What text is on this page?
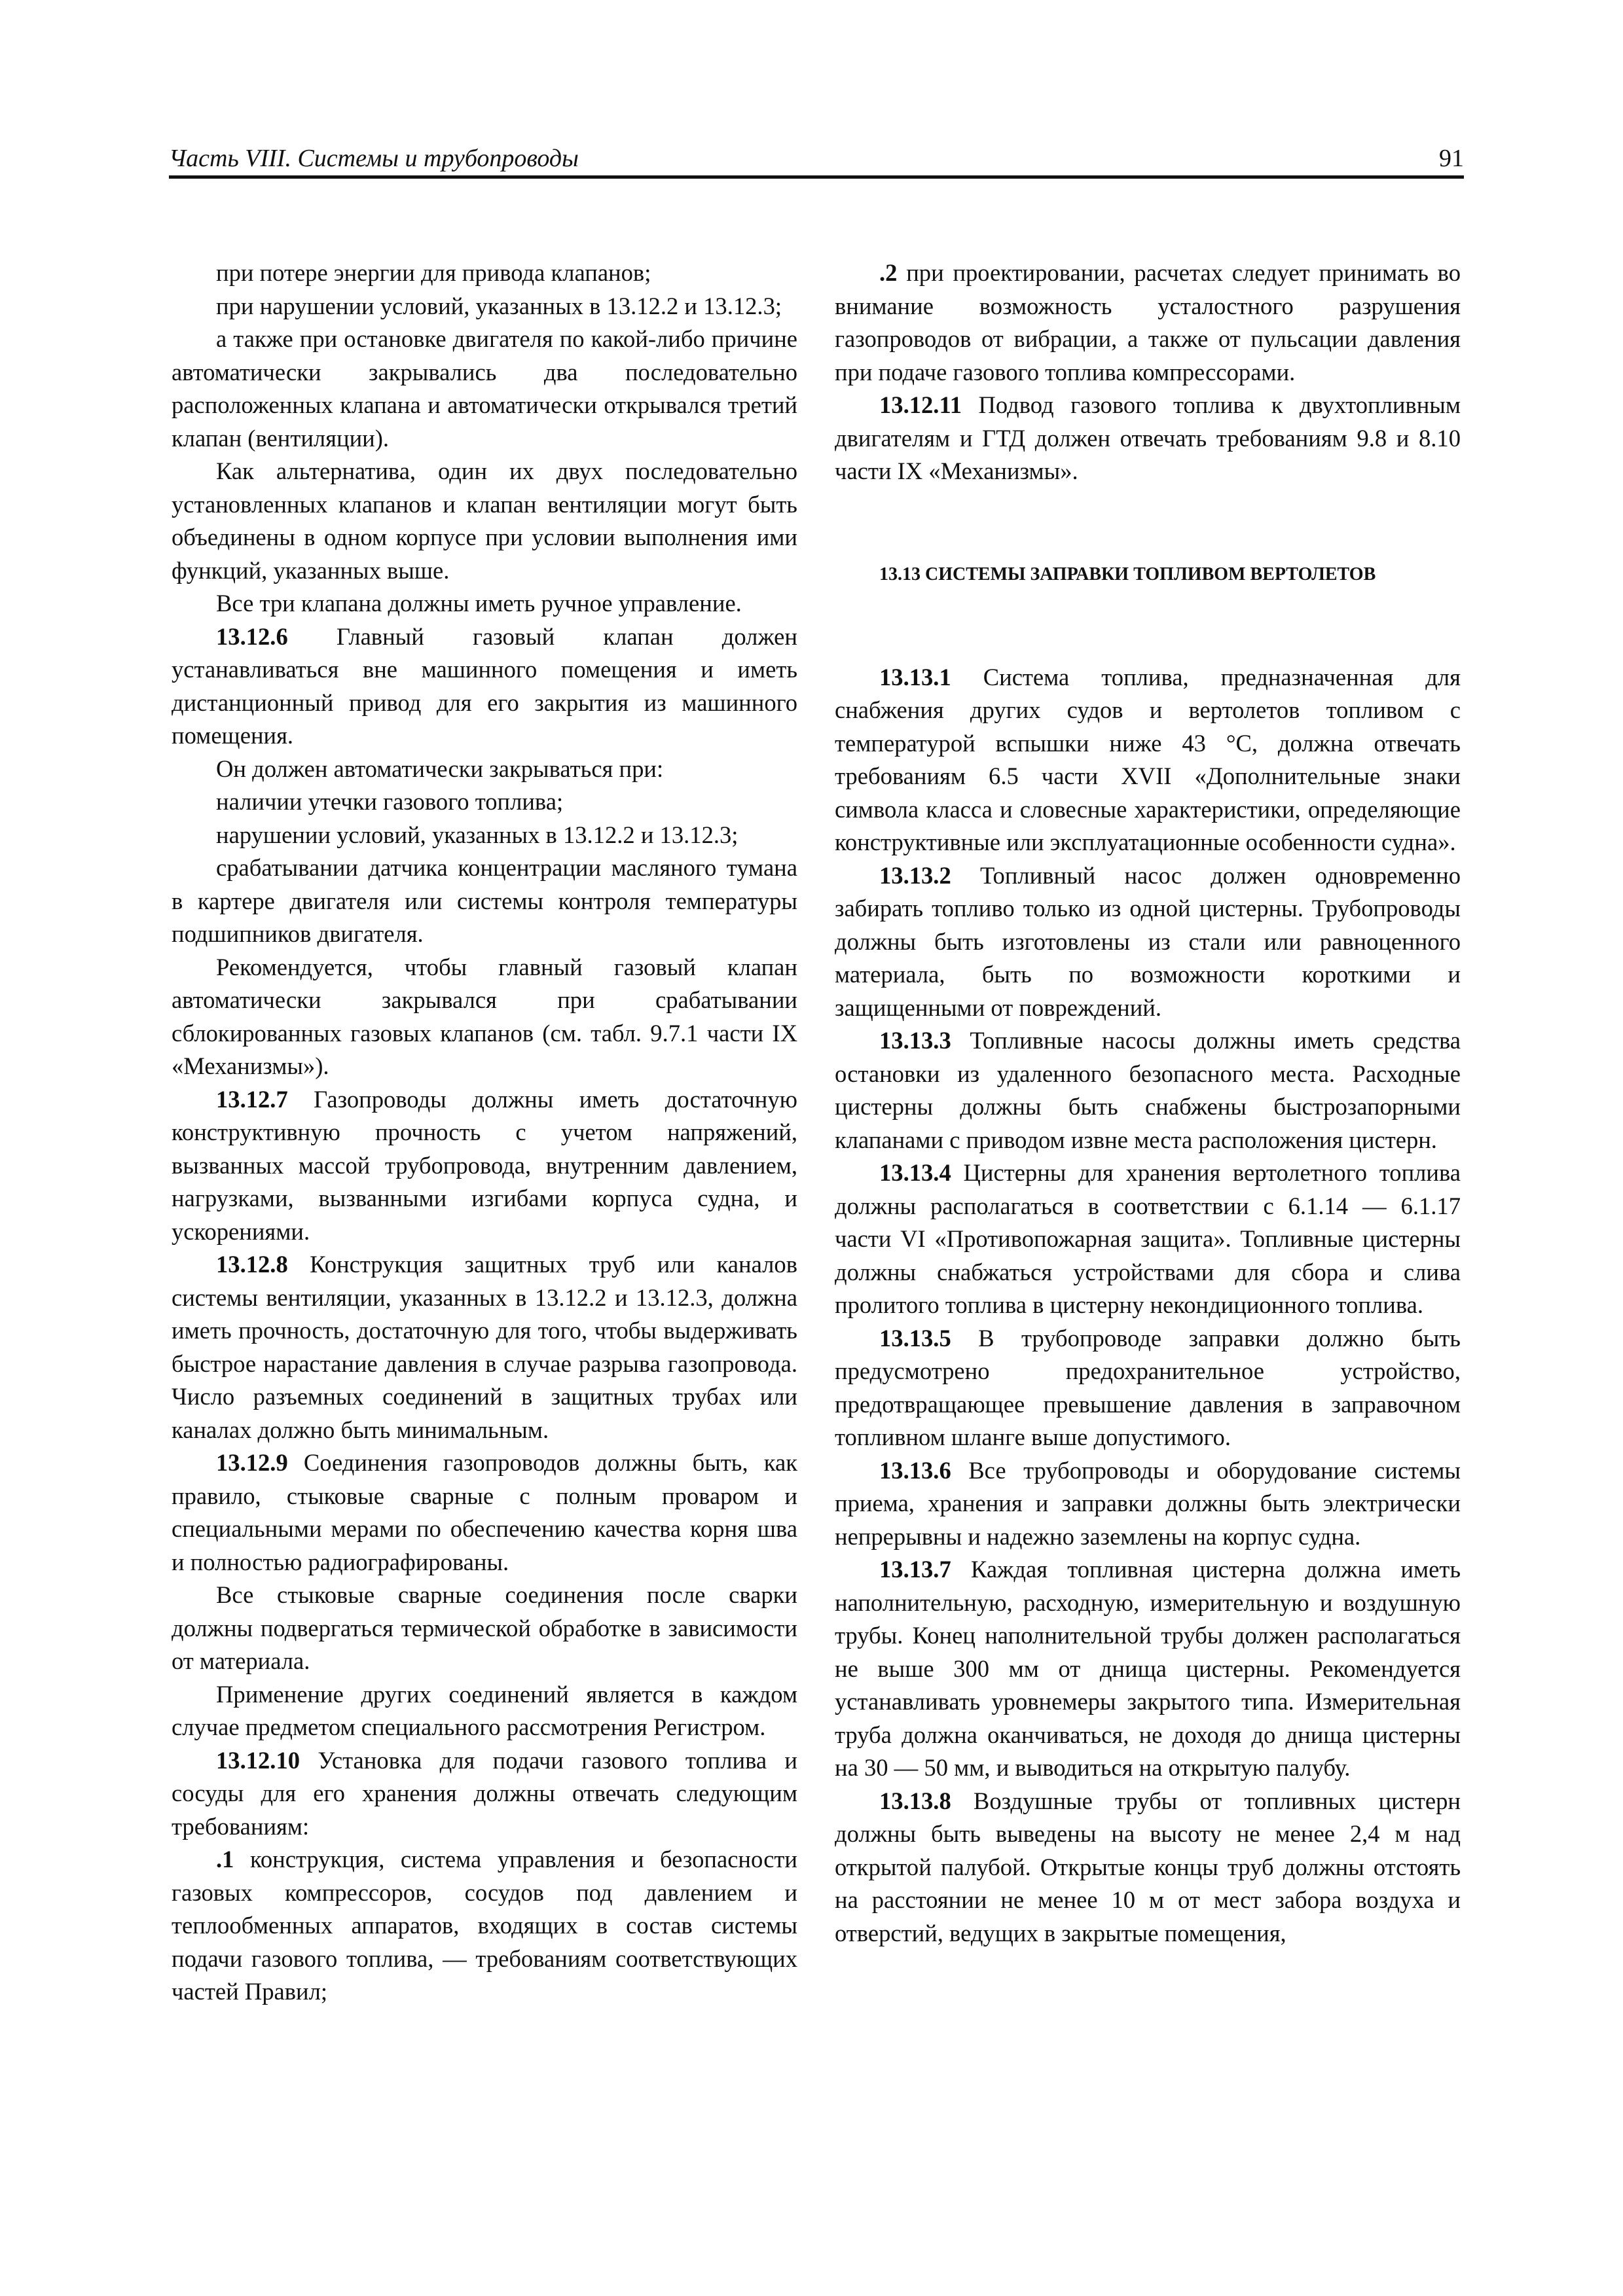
Часть VIII. Системы и трубопроводы	91

при потере энергии для привода клапанов;

при нарушении условий, указанных в 13.12.2 и 13.12.3;

а также при остановке двигателя по какой-либо причине автоматически закрывались два последовательно расположенных клапана и автоматически открывался третий клапан (вентиляции).

Как альтернатива, один их двух последовательно установленных клапанов и клапан вентиляции могут быть объединены в одном корпусе при условии выполнения ими функций, указанных выше.

Все три клапана должны иметь ручное управление.

13.12.6 Главный газовый клапан должен устанавливаться вне машинного помещения и иметь дистанционный привод для его закрытия из машинного помещения.

Он должен автоматически закрываться при:

наличии утечки газового топлива;

нарушении условий, указанных в 13.12.2 и 13.12.3;

срабатывании датчика концентрации масляного тумана в картере двигателя или системы контроля температуры подшипников двигателя.

Рекомендуется, чтобы главный газовый клапан автоматически закрывался при срабатывании сблокированных газовых клапанов (см. табл. 9.7.1 части IX «Механизмы»).

13.12.7 Газопроводы должны иметь достаточную конструктивную прочность с учетом напряжений, вызванных массой трубопровода, внутренним давлением, нагрузками, вызванными изгибами корпуса судна, и ускорениями.

13.12.8 Конструкция защитных труб или каналов системы вентиляции, указанных в 13.12.2 и 13.12.3, должна иметь прочность, достаточную для того, чтобы выдерживать быстрое нарастание давления в случае разрыва газопровода. Число разъемных соединений в защитных трубах или каналах должно быть минимальным.

13.12.9 Соединения газопроводов должны быть, как правило, стыковые сварные с полным проваром и специальными мерами по обеспечению качества корня шва и полностью радиографированы.

Все стыковые сварные соединения после сварки должны подвергаться термической обработке в зависимости от материала.

Применение других соединений является в каждом случае предметом специального рассмотрения Регистром.

13.12.10 Установка для подачи газового топлива и сосуды для его хранения должны отвечать следующим требованиям:

.1 конструкция, система управления и безопасности газовых компрессоров, сосудов под давлением и теплообменных аппаратов, входящих в состав системы подачи газового топлива, — требованиям соответствующих частей Правил;

.2 при проектировании, расчетах следует принимать во внимание возможность усталостного разрушения газопроводов от вибрации, а также от пульсации давления при подаче газового топлива компрессорами.

13.12.11 Подвод газового топлива к двухтопливным двигателям и ГТД должен отвечать требованиям 9.8 и 8.10 части IX «Механизмы».

13.13 СИСТЕМЫ ЗАПРАВКИ ТОПЛИВОМ ВЕРТОЛЕТОВ

13.13.1 Система топлива, предназначенная для снабжения других судов и вертолетов топливом с температурой вспышки ниже 43 °С, должна отвечать требованиям 6.5 части XVII «Дополнительные знаки символа класса и словесные характеристики, определяющие конструктивные или эксплуатационные особенности судна».

13.13.2 Топливный насос должен одновременно забирать топливо только из одной цистерны. Трубопроводы должны быть изготовлены из стали или равноценного материала, быть по возможности короткими и защищенными от повреждений.

13.13.3 Топливные насосы должны иметь средства остановки из удаленного безопасного места. Расходные цистерны должны быть снабжены быстрозапорными клапанами с приводом извне места расположения цистерн.

13.13.4 Цистерны для хранения вертолетного топлива должны располагаться в соответствии с 6.1.14 — 6.1.17 части VI «Противопожарная защита». Топливные цистерны должны снабжаться устройствами для сбора и слива пролитого топлива в цистерну некондиционного топлива.

13.13.5 В трубопроводе заправки должно быть предусмотрено предохранительное устройство, предотвращающее превышение давления в заправочном топливном шланге выше допустимого.

13.13.6 Все трубопроводы и оборудование системы приема, хранения и заправки должны быть электрически непрерывны и надежно заземлены на корпус судна.

13.13.7 Каждая топливная цистерна должна иметь наполнительную, расходную, измерительную и воздушную трубы. Конец наполнительной трубы должен располагаться не выше 300 мм от днища цистерны. Рекомендуется устанавливать уровнемеры закрытого типа. Измерительная труба должна оканчиваться, не доходя до днища цистерны на 30 — 50 мм, и выводиться на открытую палубу.

13.13.8 Воздушные трубы от топливных цистерн должны быть выведены на высоту не менее 2,4 м над открытой палубой. Открытые концы труб должны отстоять на расстоянии не менее 10 м от мест забора воздуха и отверстий, ведущих в закрытые помещения,
